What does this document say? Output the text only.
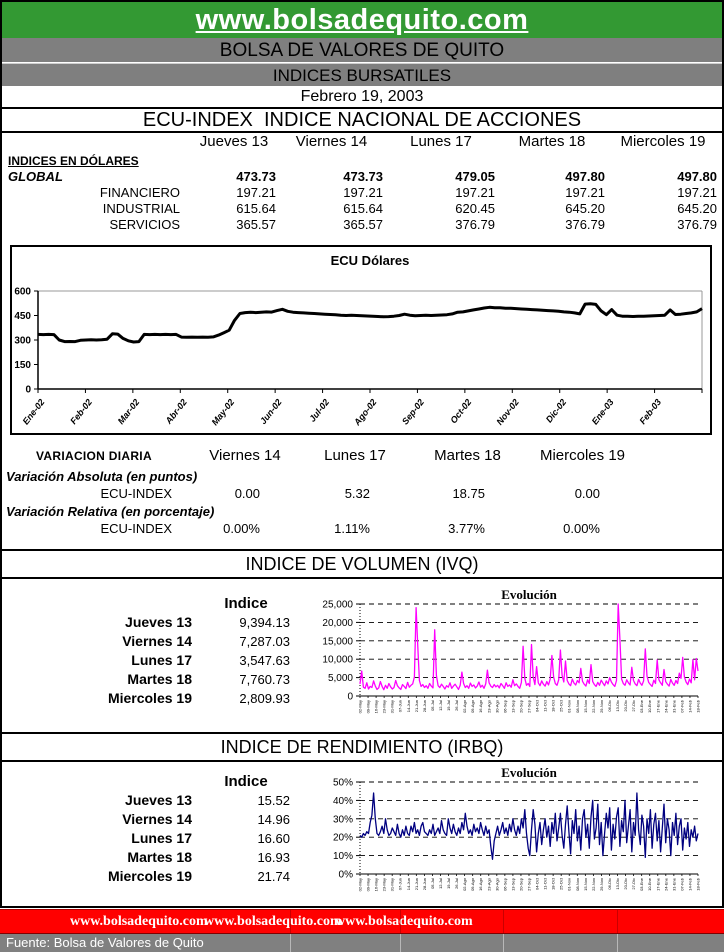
www.bolsadequito.com
BOLSA DE VALORES DE QUITO
INDICES BURSATILES
Febrero 19, 2003
ECU-INDEX  INDICE NACIONAL DE ACCIONES
Jueves 13	Viernes 14	Lunes 17	Martes 18	Miercoles 19
INDICES EN DÓLARES
GLOBAL	473.73	473.73	479.05	497.80	497.80
FINANCIERO	197.21	197.21	197.21	197.21	197.21
INDUSTRIAL	615.64	615.64	620.45	645.20	645.20
SERVICIOS	365.57	365.57	376.79	376.79	376.79
ECU Dólares
0
150
300
450
600
Ene-02 Feb-02 Mar-02 Abr-02 May-02 Jun-02	Jul-02 Ago-02 Sep-02 Oct-02 Nov-02	Dic-02 Ene-03 Feb-03
VARIACION DIARIA	Viernes 14	Lunes 17	Martes 18	Miercoles 19
Variación Absoluta (en puntos)
ECU-INDEX	0.00	5.32	18.75	0.00
Variación Relativa (en porcentaje)
ECU-INDEX	0.00%	1.11%	3.77%	0.00%
INDICE DE VOLUMEN (IVQ)
Indice
Jueves 13	9,394.13
Viernes 14	7,287.03
Lunes 17	3,547.63
Martes 18	7,760.73
Miercoles 19	2,809.93
Evolución
0
5,000
10,000
15,000
20,000
25,000
02-May 09-May 16-May 23-May 31-May 07-Jun 14-Jun 21-Jun 28-Jun 05-Jul 12-Jul 19-Jul 26-Jul 02-Ago 09-Ago 16-Ago 23-Ago 30-Ago 06-Sep 13-Sep 20-Sep 27-Sep 04-Oct 11-Oct 18-Oct 25-Oct 01-Nov 08-Nov 15-Nov 22-Nov 29-Nov 06-Dic 13-Dic 20-Dic 27-Dic 03-Ene 10-Ene 17-Ene 24-Ene 31-Ene 07-Feb 14-Feb 18-Feb
INDICE DE RENDIMIENTO (IRBQ)
Indice
Jueves 13	15.52
Viernes 14	14.96
Lunes 17	16.60
Martes 18	16.93
Miercoles 19	21.74
Evolución
0%
10%
20%
30%
40%
50%
02-May 09-May 16-May 23-May 31-May 07-Jun 14-Jun 21-Jun 28-Jun 05-Jul 12-Jul 19-Jul 26-Jul 02-Ago 09-Ago 16-Ago 23-Ago 30-Ago 06-Sep 13-Sep 20-Sep 27-Sep 04-Oct 11-Oct 18-Oct 25-Oct 01-Nov 08-Nov 15-Nov 22-Nov 29-Nov 06-Dic 13-Dic 20-Dic 27-Dic 03-Ene 10-Ene 17-Ene 24-Ene 31-Ene 07-Feb 14-Feb 18-Feb
www.bolsadequito.com
www.bolsadequito.com
www.bolsadequito.com
Fuente: Bolsa de Valores de Quito
